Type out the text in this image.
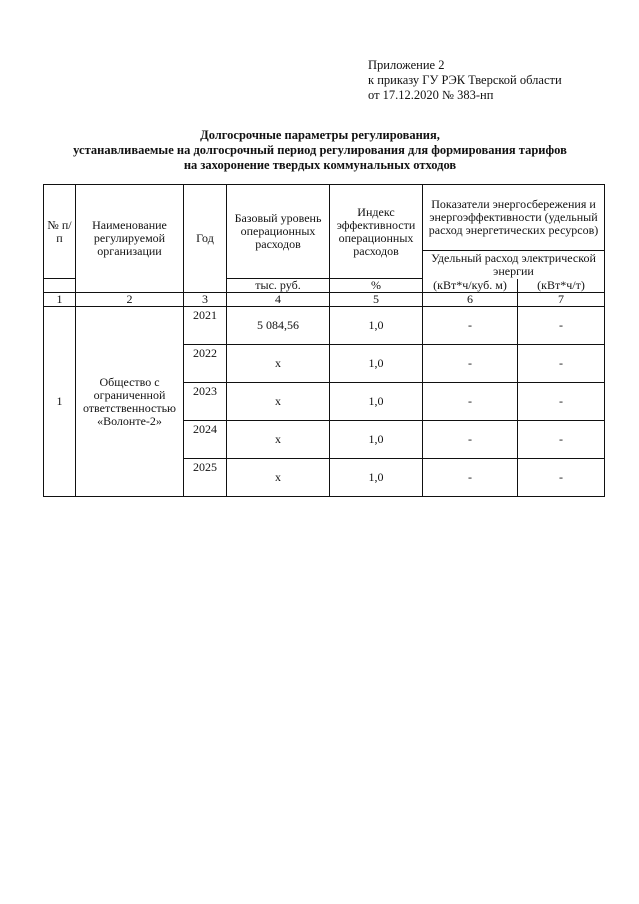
Приложение 2
к приказу ГУ РЭК Тверской области
от 17.12.2020 № 383-нп
Долгосрочные параметры регулирования,
устанавливаемые на долгосрочный период регулирования для формирования тарифов
на захоронение твердых коммунальных отходов
№ п/п	Наименование регулируемой организации	Год	Базовый уровень операционных расходов	Индекс эффективности операционных расходов	Показатели энергосбережения и энергоэффективности (удельный расход энергетических ресурсов)	
					Удельный расход электрической энергии	
			тыс. руб.	%	(кВт*ч/куб. м)	(кВт*ч/т)
1	2	3	4	5	6	7
1	Общество с ограниченной ответственностью «Волонте-2»	2021	5 084,56	1,0	-	-
		2022	х	1,0	-	-
		2023	х	1,0	-	-
		2024	х	1,0	-	-
		2025	х	1,0	-	-
